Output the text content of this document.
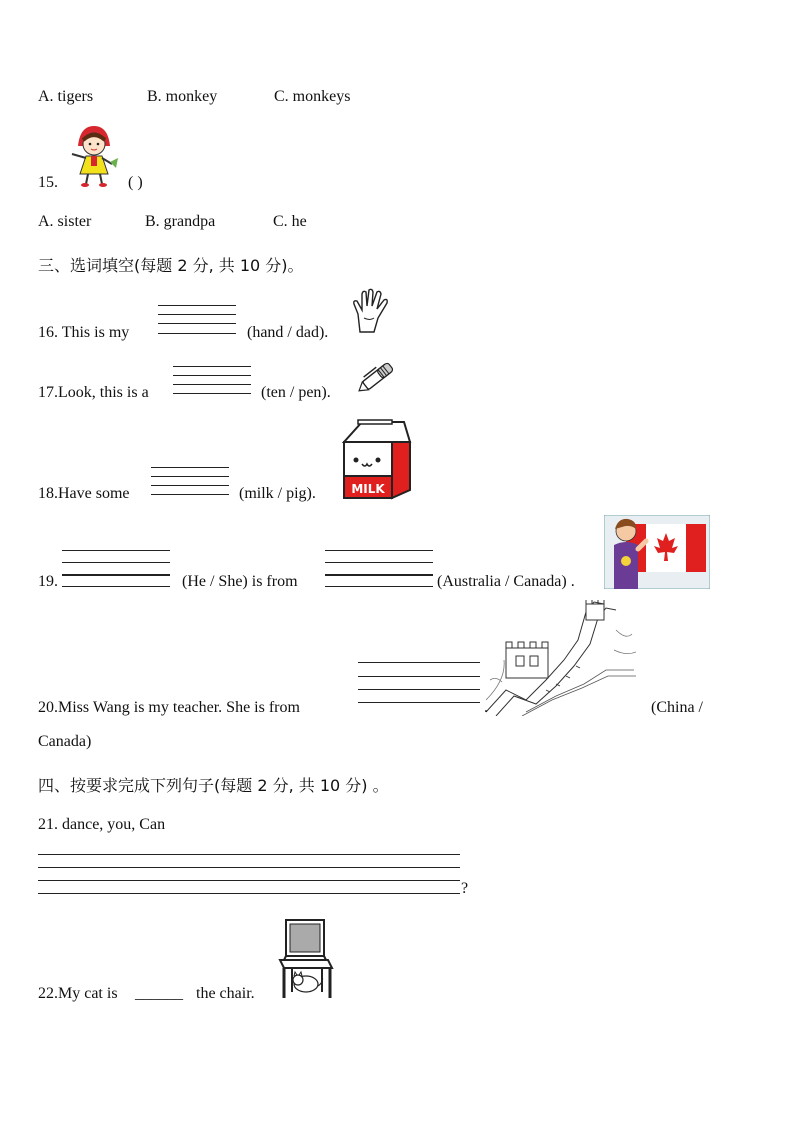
A. tigers	B. monkey	C. monkeys
15.	( )
A. sister	B. grandpa	C. he
三、选词填空(每题 2 分, 共 10 分)。
16. This is my	(hand / dad).
17.Look, this is a	(ten / pen).
18.Have some	(milk / pig).	MILK
19.	(He / She) is from	(Australia / Canada) .
20.Miss Wang is my teacher. She is from	.	(China /
Canada)
四、按要求完成下列句子(每题 2 分, 共 10 分) 。
21. dance, you, Can
?
22.My cat is ______ the chair.
